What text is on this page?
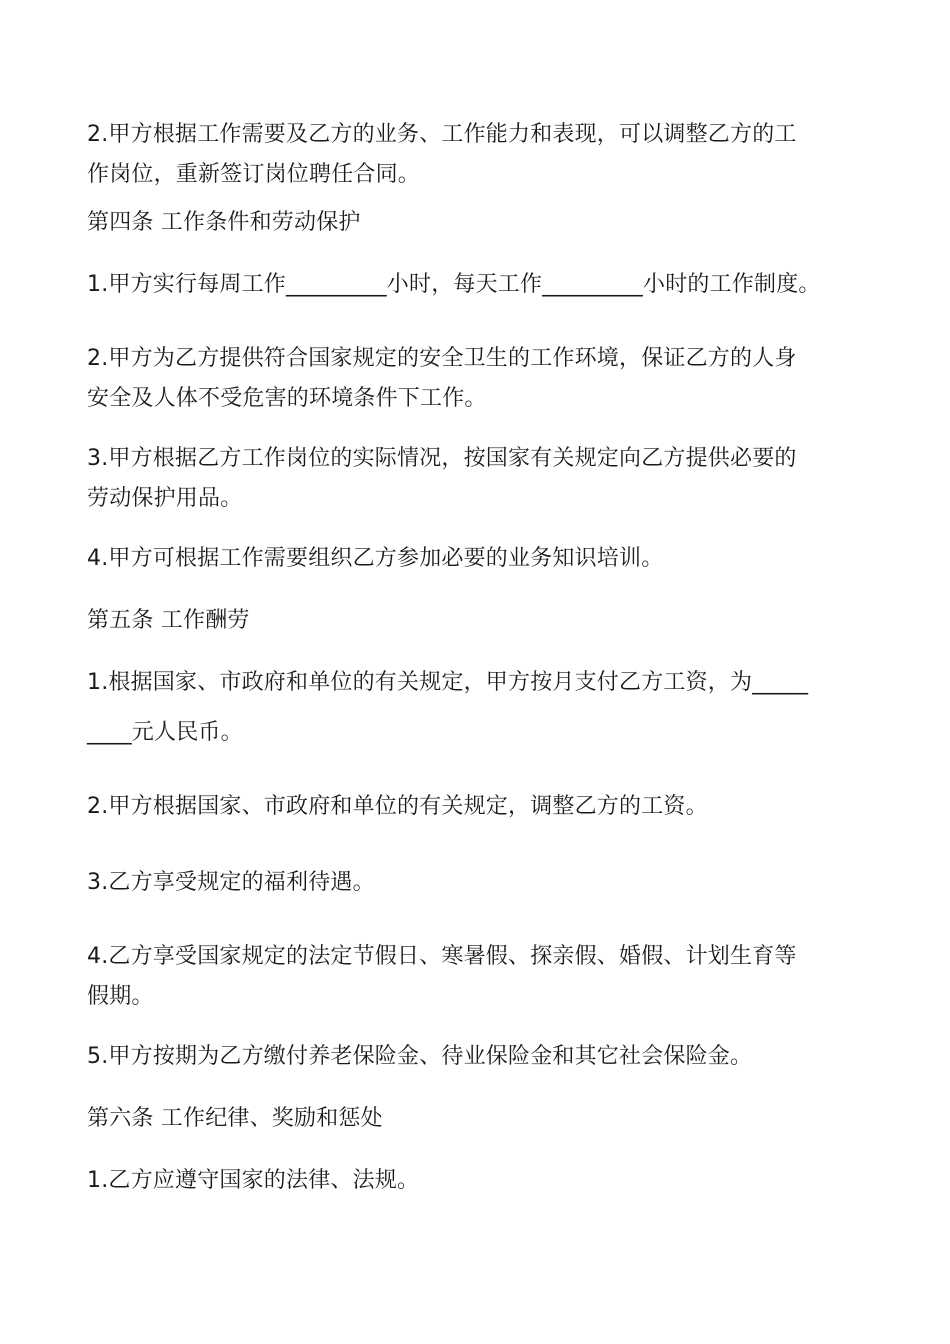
2.甲方根据工作需要及乙方的业务、工作能力和表现，可以调整乙方的工
作岗位，重新签订岗位聘任合同。
第四条 工作条件和劳动保护
1.甲方实行每周工作_________小时，每天工作_________小时的工作制度。
2.甲方为乙方提供符合国家规定的安全卫生的工作环境，保证乙方的人身
安全及人体不受危害的环境条件下工作。
3.甲方根据乙方工作岗位的实际情况，按国家有关规定向乙方提供必要的
劳动保护用品。
4.甲方可根据工作需要组织乙方参加必要的业务知识培训。
第五条 工作酬劳
1.根据国家、市政府和单位的有关规定，甲方按月支付乙方工资，为_____
____元人民币。
2.甲方根据国家、市政府和单位的有关规定，调整乙方的工资。
3.乙方享受规定的福利待遇。
4.乙方享受国家规定的法定节假日、寒暑假、探亲假、婚假、计划生育等
假期。
5.甲方按期为乙方缴付养老保险金、待业保险金和其它社会保险金。
第六条 工作纪律、奖励和惩处
1.乙方应遵守国家的法律、法规。
